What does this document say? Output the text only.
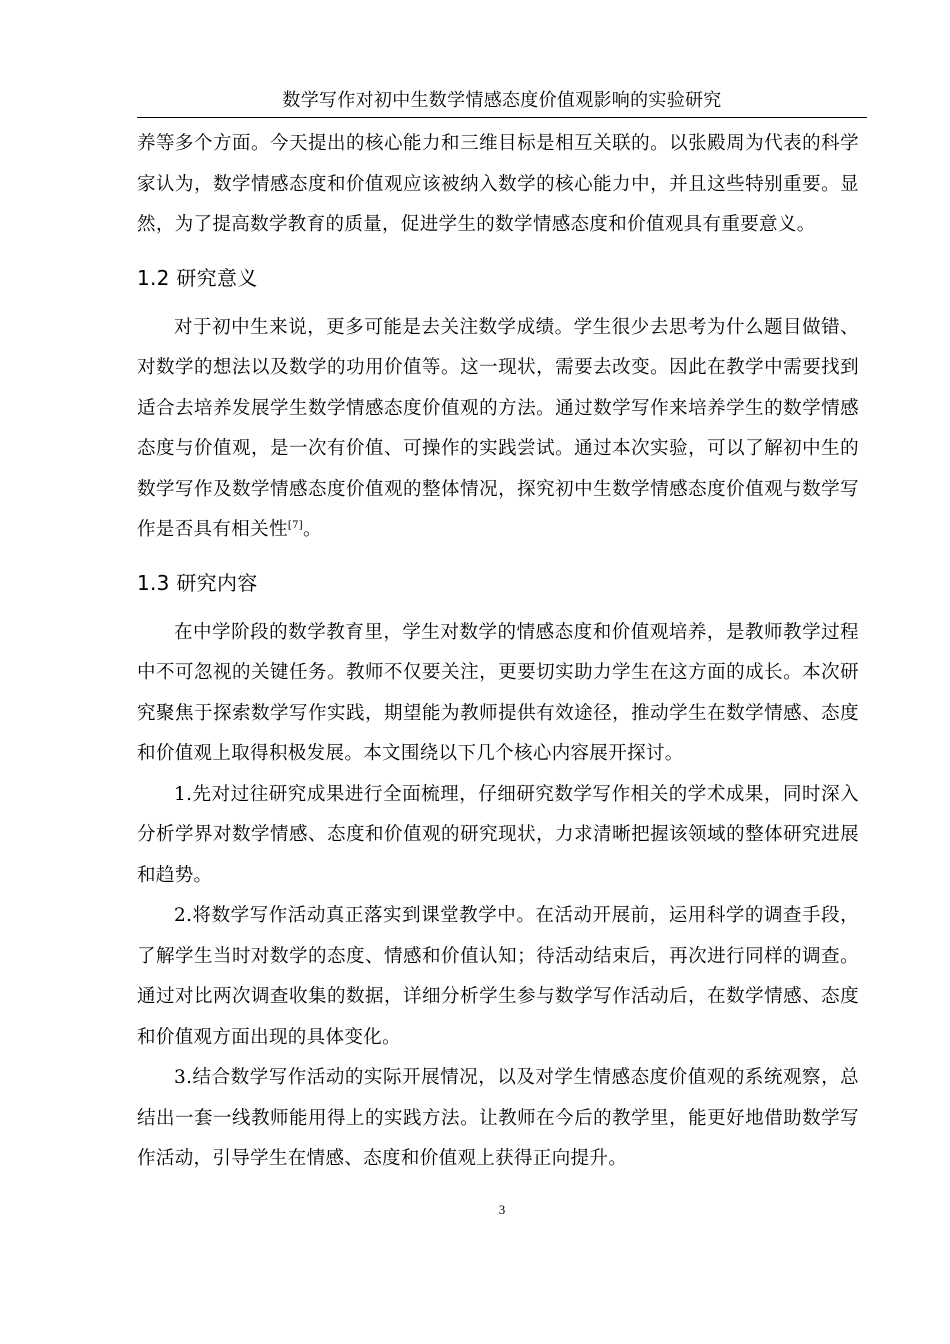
数学写作对初中生数学情感态度价值观影响的实验研究

养等多个方面。今天提出的核心能力和三维目标是相互关联的。以张殿周为代表的科学家认为，数学情感态度和价值观应该被纳入数学的核心能力中，并且这些特别重要。显然，为了提高数学教育的质量，促进学生的数学情感态度和价值观具有重要意义。

1.2 研究意义

对于初中生来说，更多可能是去关注数学成绩。学生很少去思考为什么题目做错、对数学的想法以及数学的功用价值等。这一现状，需要去改变。因此在教学中需要找到适合去培养发展学生数学情感态度价值观的方法。通过数学写作来培养学生的数学情感态度与价值观，是一次有价值、可操作的实践尝试。通过本次实验，可以了解初中生的数学写作及数学情感态度价值观的整体情况，探究初中生数学情感态度价值观与数学写作是否具有相关性[7]。

1.3 研究内容

在中学阶段的数学教育里，学生对数学的情感态度和价值观培养，是教师教学过程中不可忽视的关键任务。教师不仅要关注，更要切实助力学生在这方面的成长。本次研究聚焦于探索数学写作实践，期望能为教师提供有效途径，推动学生在数学情感、态度和价值观上取得积极发展。本文围绕以下几个核心内容展开探讨。

1.先对过往研究成果进行全面梳理，仔细研究数学写作相关的学术成果，同时深入分析学界对数学情感、态度和价值观的研究现状，力求清晰把握该领域的整体研究进展和趋势。

2.将数学写作活动真正落实到课堂教学中。在活动开展前，运用科学的调查手段，了解学生当时对数学的态度、情感和价值认知；待活动结束后，再次进行同样的调查。通过对比两次调查收集的数据，详细分析学生参与数学写作活动后，在数学情感、态度和价值观方面出现的具体变化。

3.结合数学写作活动的实际开展情况，以及对学生情感态度价值观的系统观察，总结出一套一线教师能用得上的实践方法。让教师在今后的教学里，能更好地借助数学写作活动，引导学生在情感、态度和价值观上获得正向提升。

3
